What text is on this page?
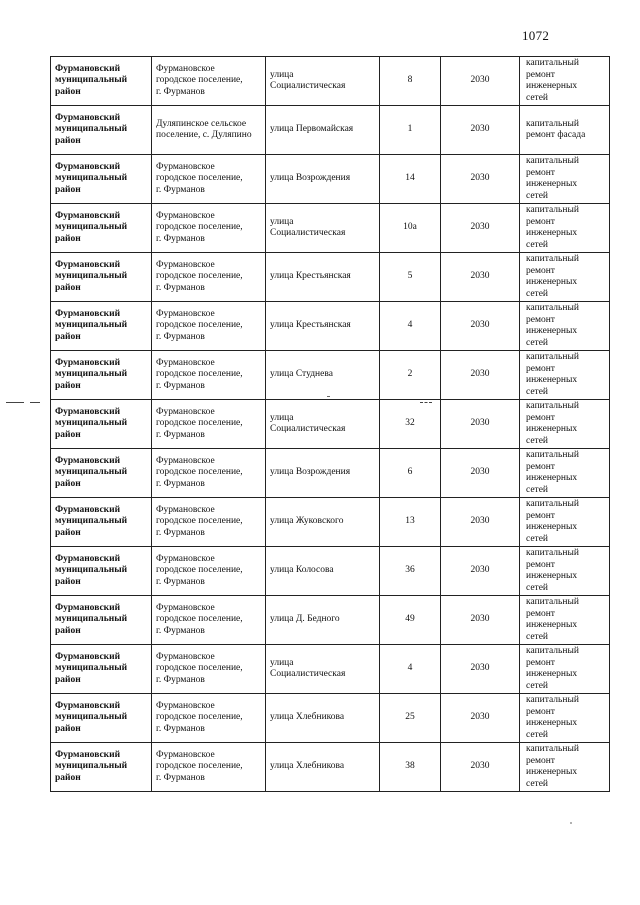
1072
Фурмановский
муниципальный
район	Фурмановское
городское поселение,
г. Фурманов	улица
Социалистическая	8	2030	капитальный
ремонт
инженерных
сетей

Фурмановский
муниципальный
район	Дуляпинское сельское
поселение, с. Дуляпино	улица Первомайская	1	2030	капитальный
ремонт фасада

Фурмановский
муниципальный
район	Фурмановское
городское поселение,
г. Фурманов	улица Возрождения	14	2030	капитальный
ремонт
инженерных
сетей

Фурмановский
муниципальный
район	Фурмановское
городское поселение,
г. Фурманов	улица
Социалистическая	10а	2030	капитальный
ремонт
инженерных
сетей

Фурмановский
муниципальный
район	Фурмановское
городское поселение,
г. Фурманов	улица Крестьянская	5	2030	капитальный
ремонт
инженерных
сетей

Фурмановский
муниципальный
район	Фурмановское
городское поселение,
г. Фурманов	улица Крестьянская	4	2030	капитальный
ремонт
инженерных
сетей

Фурмановский
муниципальный
район	Фурмановское
городское поселение,
г. Фурманов	улица Студнева	2	2030	капитальный
ремонт
инженерных
сетей

Фурмановский
муниципальный
район	Фурмановское
городское поселение,
г. Фурманов	улица
Социалистическая	32	2030	капитальный
ремонт
инженерных
сетей

Фурмановский
муниципальный
район	Фурмановское
городское поселение,
г. Фурманов	улица Возрождения	6	2030	капитальный
ремонт
инженерных
сетей

Фурмановский
муниципальный
район	Фурмановское
городское поселение,
г. Фурманов	улица Жуковского	13	2030	капитальный
ремонт
инженерных
сетей

Фурмановский
муниципальный
район	Фурмановское
городское поселение,
г. Фурманов	улица Колосова	36	2030	капитальный
ремонт
инженерных
сетей

Фурмановский
муниципальный
район	Фурмановское
городское поселение,
г. Фурманов	улица Д. Бедного	49	2030	капитальный
ремонт
инженерных
сетей

Фурмановский
муниципальный
район	Фурмановское
городское поселение,
г. Фурманов	улица
Социалистическая	4	2030	капитальный
ремонт
инженерных
сетей

Фурмановский
муниципальный
район	Фурмановское
городское поселение,
г. Фурманов	улица Хлебникова	25	2030	капитальный
ремонт
инженерных
сетей

Фурмановский
муниципальный
район	Фурмановское
городское поселение,
г. Фурманов	улица Хлебникова	38	2030	капитальный
ремонт
инженерных
сетей
